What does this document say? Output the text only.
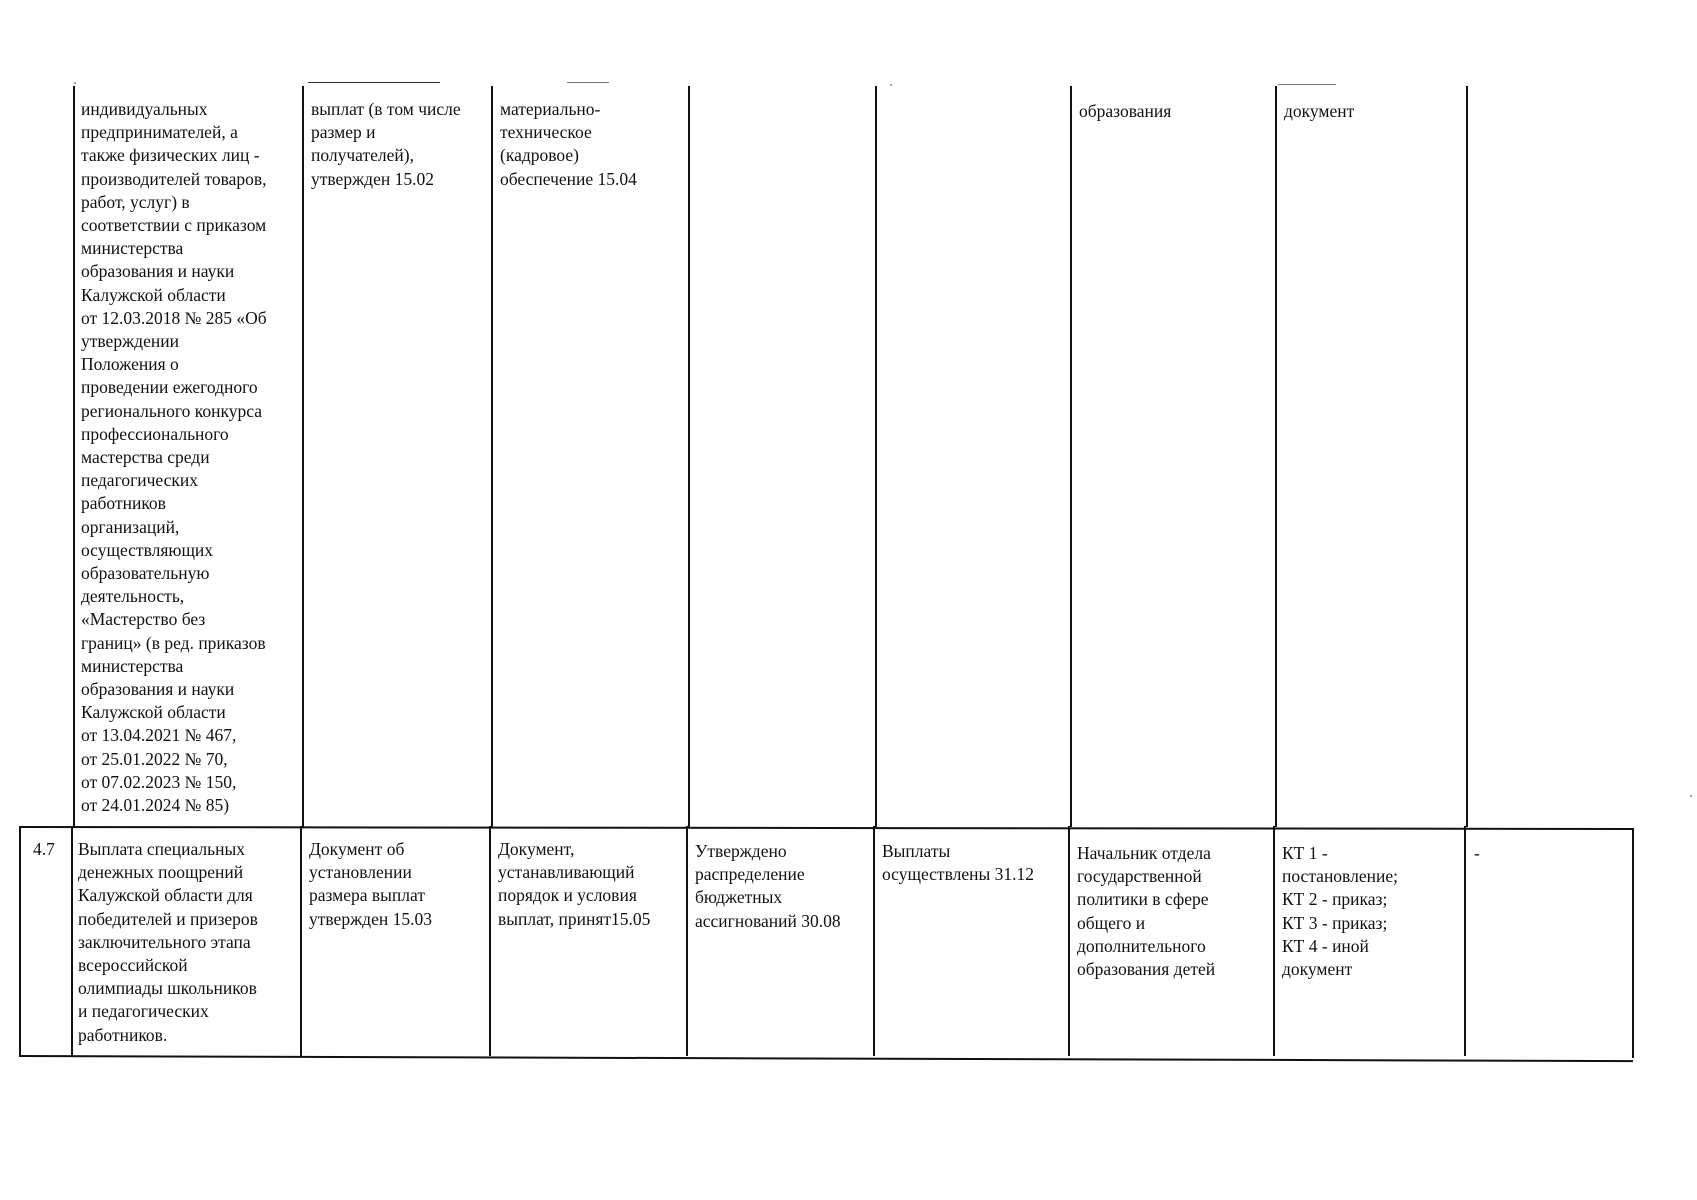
индивидуальных
предпринимателей, а
также физических лиц -
производителей товаров,
работ, услуг) в
соответствии с приказом
министерства
образования и науки
Калужской области
от 12.03.2018 № 285 «Об
утверждении
Положения о
проведении ежегодного
регионального конкурса
профессионального
мастерства среди
педагогических
работников
организаций,
осуществляющих
образовательную
деятельность,
«Мастерство без
границ» (в ред. приказов
министерства
образования и науки
Калужской области
от 13.04.2021 № 467,
от 25.01.2022 № 70,
от 07.02.2023 № 150,
от 24.01.2024 № 85)
выплат (в том числе
размер и
получателей),
утвержден 15.02
материально-
техническое
(кадровое)
обеспечение 15.04
образования	документ
4.7	Выплата специальных
денежных поощрений
Калужской области для
победителей и призеров
заключительного этапа
всероссийской
олимпиады школьников
и педагогических
работников.
Документ об
установлении
размера выплат
утвержден 15.03
Документ,
устанавливающий
порядок и условия
выплат, принят15.05
Утверждено
распределение
бюджетных
ассигнований 30.08
Выплаты
осуществлены 31.12
Начальник отдела
государственной
политики в сфере
общего и
дополнительного
образования детей
КТ 1 -
постановление;
КТ 2 - приказ;
КТ 3 - приказ;
КТ 4 - иной
документ
-
